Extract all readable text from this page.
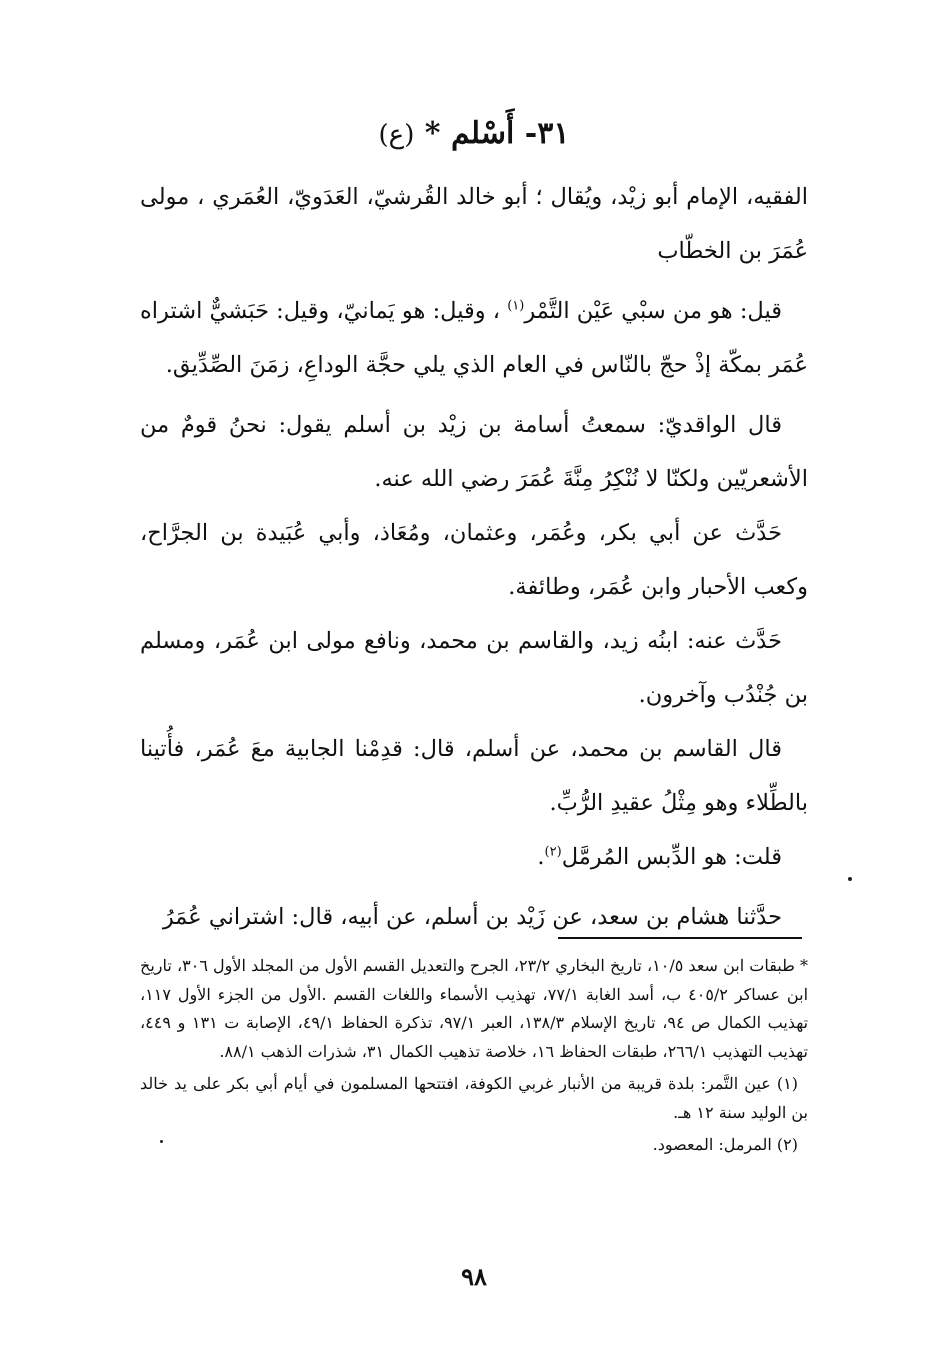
٣١- أَسْلم * (ع)

الفقيه، الإمام أبو زيْد، ويُقال ؛ أبو خالد القُرشيّ، العَدَويّ، العُمَري ، مولى عُمَرَ بن الخطّاب

قيل: هو من سبْي عَيْن التَّمْر$^{(١)}$ ، وقيل: هو يَمانيّ، وقيل: حَبَشيٌّ اشتراه عُمَر بمكّة إذْ حجّ بالنّاس في العام الذي يلي حجَّة الوداعِ، زمَنَ الصِّدِّيق.

قال الواقديّ: سمعتُ أسامة بن زيْد بن أسلم يقول: نحنُ قومٌ من الأشعريّين ولكنّا لا نُنْكِرُ مِنَّةَ عُمَرَ رضي الله عنه.

حَدَّث عن أبي بكر، وعُمَر، وعثمان، ومُعَاذ، وأبي عُبَيدة بن الجرَّاح، وكعب الأحبار وابن عُمَر، وطائفة.

حَدَّث عنه: ابنُه زيد، والقاسم بن محمد، ونافع مولى ابن عُمَر، ومسلم بن جُنْدُب وآخرون.

قال القاسم بن محمد، عن أسلم، قال: قدِمْنا الجابية معَ عُمَر، فأُتينا بالطِّلاء وهو مِثْلُ عقيدِ الرُّبِّ.

قلت: هو الدِّبس المُرمَّل$^{(٢)}$.

حدَّثنا هشام بن سعد، عن زَيْد بن أسلم، عن أبيه، قال: اشتراني عُمَرُ

* طبقات ابن سعد ١٠/٥، تاريخ البخاري ٢٣/٢، الجرح والتعديل القسم الأول من المجلد الأول ٣٠٦، تاريخ ابن عساكر ٤٠٥/٢ ب، أسد الغابة ٧٧/١، تهذيب الأسماء واللغات القسم .الأول من الجزء الأول ١١٧، تهذيب الكمال ص ٩٤، تاريخ الإسلام ١٣٨/٣، العبر ٩٧/١، تذكرة الحفاظ ٤٩/١، الإصابة ت ١٣١ و ٤٤٩، تهذيب التهذيب ٢٦٦/١، طبقات الحفاظ ١٦، خلاصة تذهيب الكمال ٣١، شذرات الذهب ٨٨/١.

(١) عين التَّمر: بلدة قريبة من الأنبار غربي الكوفة، افتتحها المسلمون في أيام أبي بكر على يد خالد بن الوليد سنة ١٢ هـ.

(٢) المرمل: المعصود.

٩٨
